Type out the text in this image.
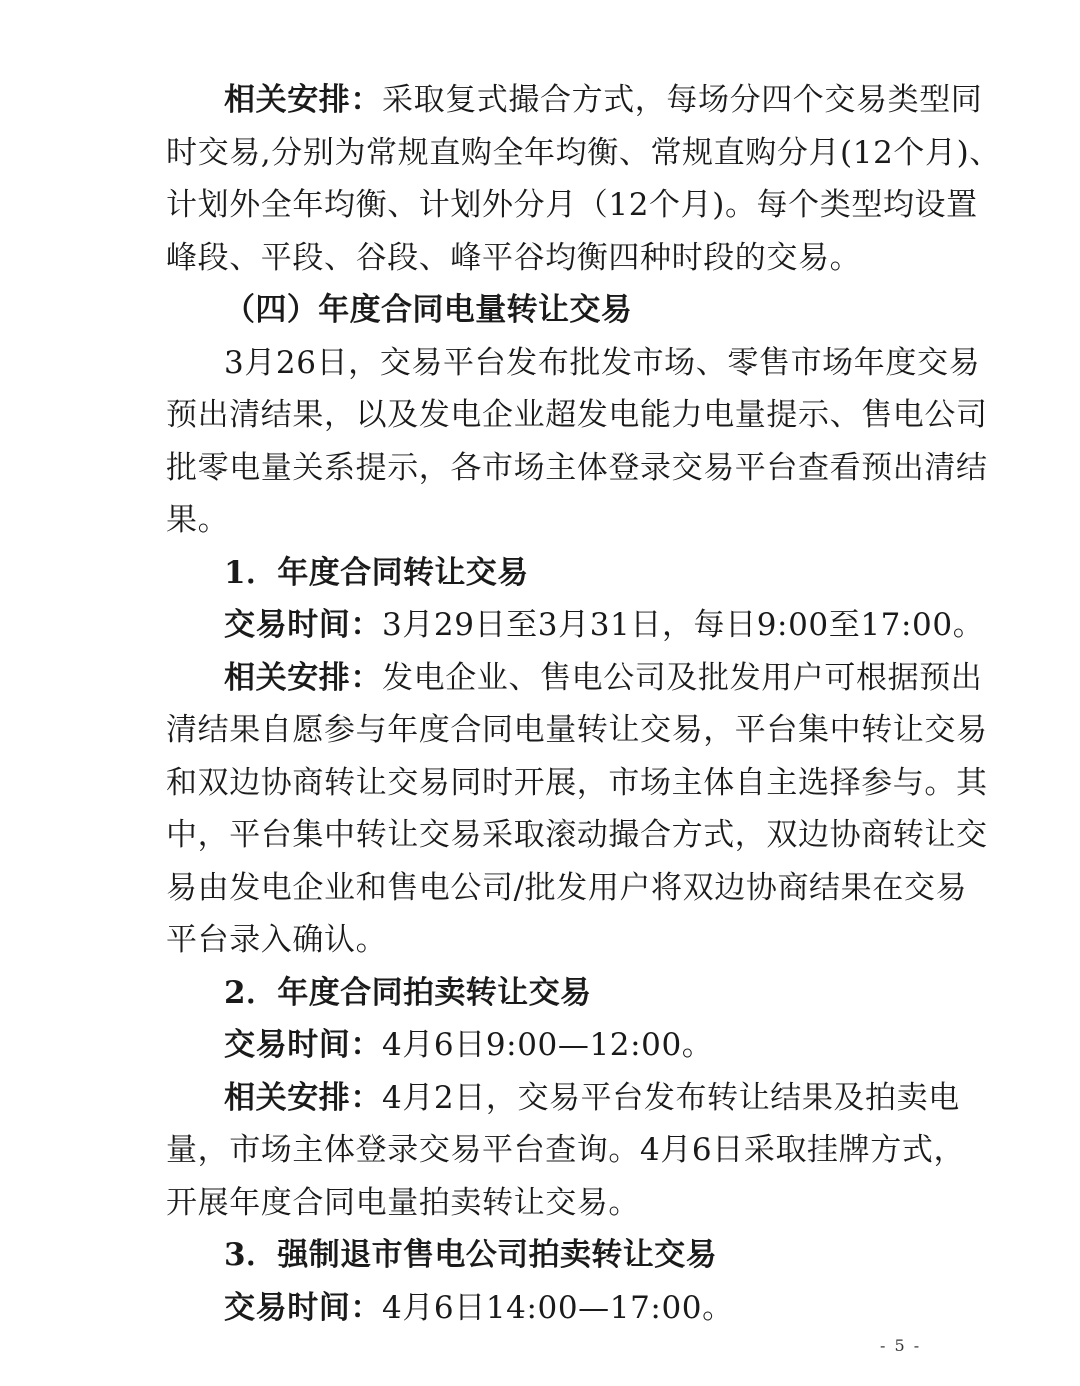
相关安排：采取复式撮合方式，每场分四个交易类型同
时交易,分别为常规直购全年均衡、常规直购分月(12个月)、
计划外全年均衡、计划外分月（12个月)。每个类型均设置
峰段、平段、谷段、峰平谷均衡四种时段的交易。
（四）年度合同电量转让交易
3月26日，交易平台发布批发市场、零售市场年度交易
预出清结果，以及发电企业超发电能力电量提示、售电公司
批零电量关系提示，各市场主体登录交易平台查看预出清结
果。
1．年度合同转让交易
交易时间：3月29日至3月31日，每日9:00至17:00。
相关安排：发电企业、售电公司及批发用户可根据预出
清结果自愿参与年度合同电量转让交易，平台集中转让交易
和双边协商转让交易同时开展，市场主体自主选择参与。其
中，平台集中转让交易采取滚动撮合方式，双边协商转让交
易由发电企业和售电公司/批发用户将双边协商结果在交易
平台录入确认。
2．年度合同拍卖转让交易
交易时间：4月6日9:00—12:00。
相关安排：4月2日，交易平台发布转让结果及拍卖电
量，市场主体登录交易平台查询。4月6日采取挂牌方式，
开展年度合同电量拍卖转让交易。
3．强制退市售电公司拍卖转让交易
交易时间：4月6日14:00—17:00。
- 5 -
